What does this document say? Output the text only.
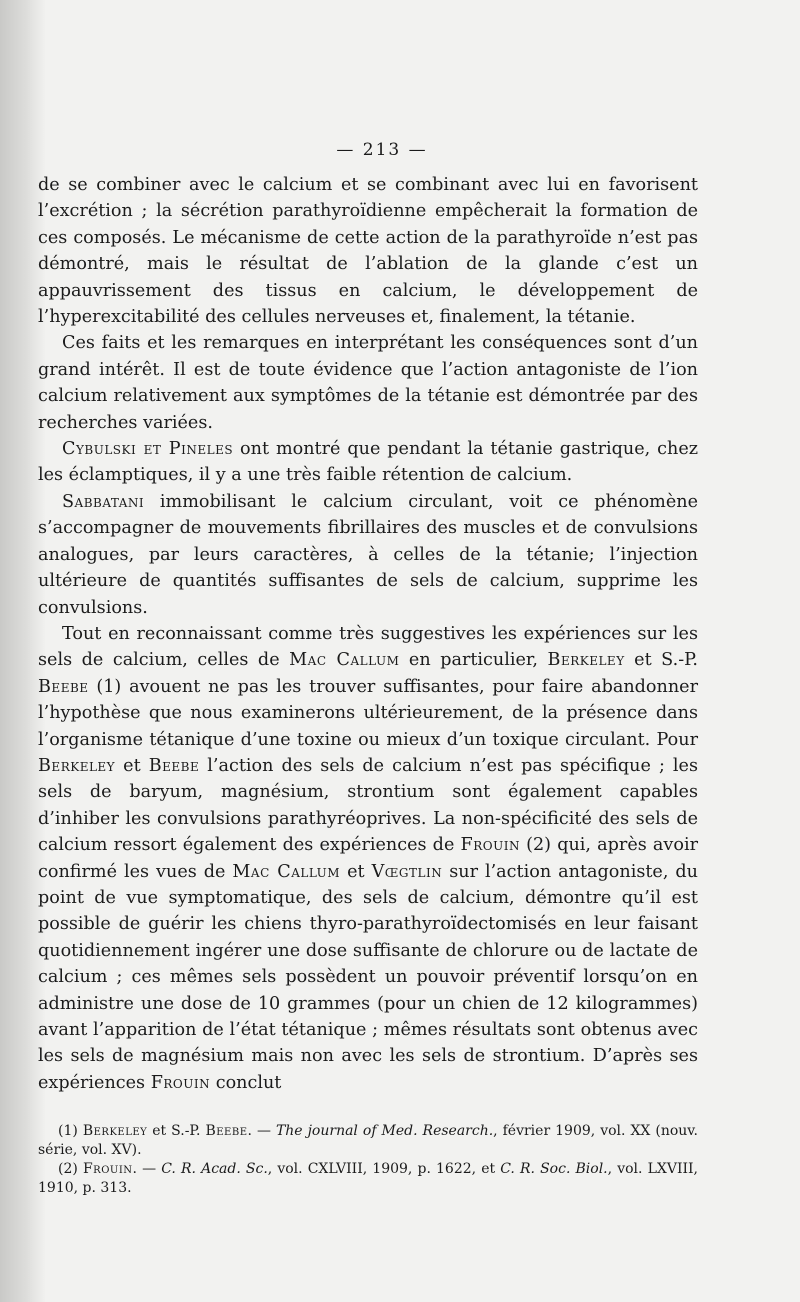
— 213 —

de se combiner avec le calcium et se combinant avec lui en favorisent l’excrétion ; la sécrétion parathyroïdienne empêcherait la formation de ces composés. Le mécanisme de cette action de la parathyroïde n’est pas démontré, mais le résultat de l’ablation de la glande c’est un appauvrissement des tissus en calcium, le développement de l’hyperexcitabilité des cellules nerveuses et, finalement, la tétanie.

Ces faits et les remarques en interprétant les conséquences sont d’un grand intérêt. Il est de toute évidence que l’action antagoniste de l’ion calcium relativement aux symptômes de la tétanie est démontrée par des recherches variées.

Cybulski et Pineles ont montré que pendant la tétanie gastrique, chez les éclamptiques, il y a une très faible rétention de calcium.

Sabbatani immobilisant le calcium circulant, voit ce phénomène s’accompagner de mouvements fibrillaires des muscles et de convulsions analogues, par leurs caractères, à celles de la tétanie; l’injection ultérieure de quantités suffisantes de sels de calcium, supprime les convulsions.

Tout en reconnaissant comme très suggestives les expériences sur les sels de calcium, celles de Mac Callum en particulier, Berkeley et S.-P. Beebe (1) avouent ne pas les trouver suffisantes, pour faire abandonner l’hypothèse que nous examinerons ultérieurement, de la présence dans l’organisme tétanique d’une toxine ou mieux d’un toxique circulant. Pour Berkeley et Beebe l’action des sels de calcium n’est pas spécifique ; les sels de baryum, magnésium, strontium sont également capables d’inhiber les convulsions parathyréoprives. La non-spécificité des sels de calcium ressort également des expériences de Frouin (2) qui, après avoir confirmé les vues de Mac Callum et Vœgtlin sur l’action antagoniste, du point de vue symptomatique, des sels de calcium, démontre qu’il est possible de guérir les chiens thyro-parathyroïdectomisés en leur faisant quotidiennement ingérer une dose suffisante de chlorure ou de lactate de calcium ; ces mêmes sels possèdent un pouvoir préventif lorsqu’on en administre une dose de 10 grammes (pour un chien de 12 kilogrammes) avant l’apparition de l’état tétanique ; mêmes résultats sont obtenus avec les sels de magnésium mais non avec les sels de strontium. D’après ses expériences Frouin conclut

(1) Berkeley et S.-P. Beebe. — The journal of Med. Research., février 1909, vol. XX (nouv. série, vol. XV).

(2) Frouin. — C. R. Acad. Sc., vol. CXLVIII, 1909, p. 1622, et C. R. Soc. Biol., vol. LXVIII, 1910, p. 313.
